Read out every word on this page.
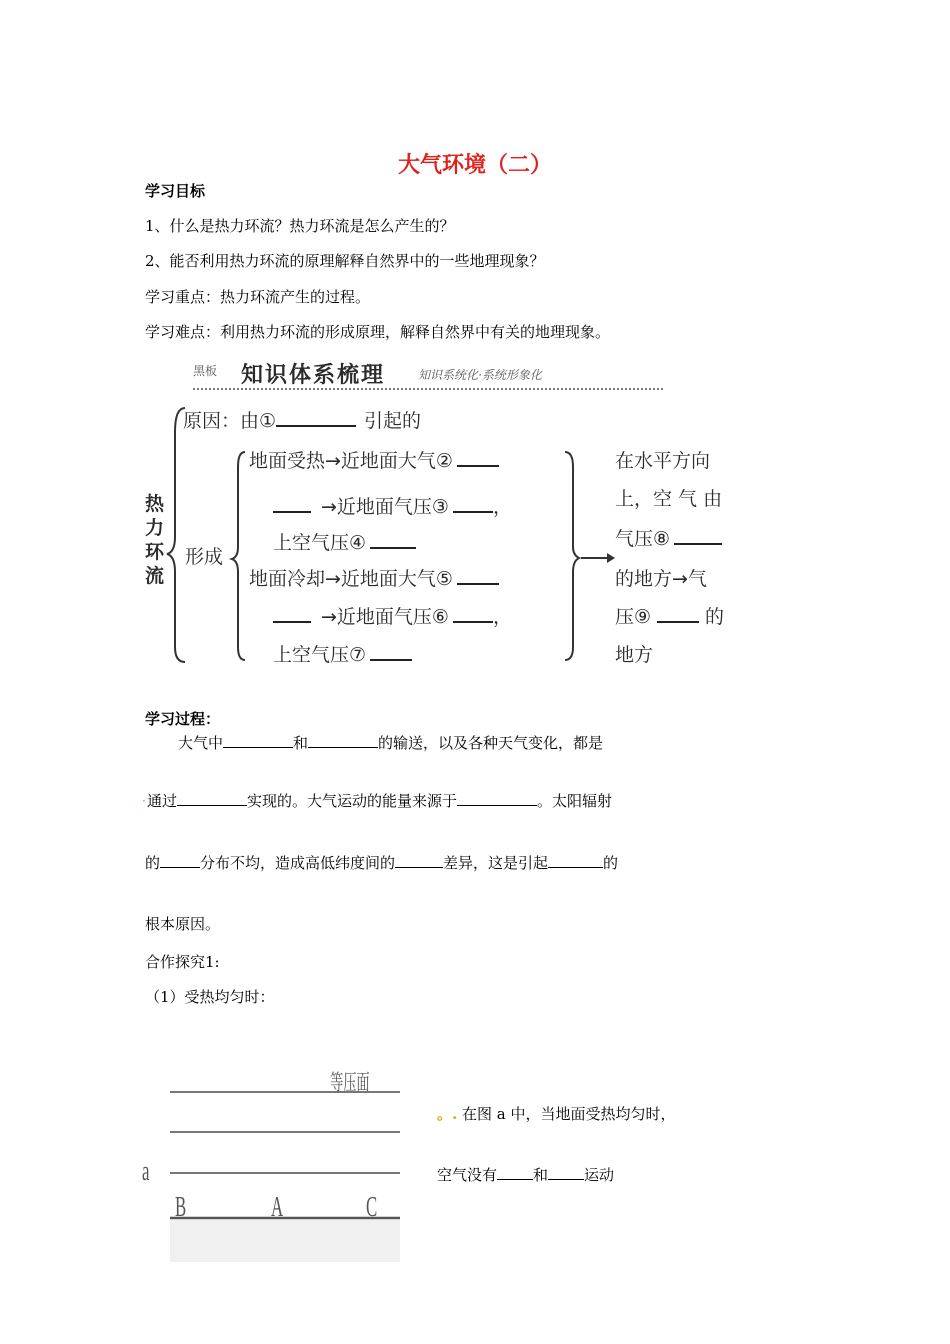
大气环境（二）
学习目标
1、什么是热力环流？热力环流是怎么产生的？
2、能否利用热力环流的原理解释自然界中的一些地理现象？
学习重点：热力环流产生的过程。
学习难点：利用热力环流的形成原理，解释自然界中有关的地理现象。
黑板 知识体系梳理	知识系统化·系统形象化
热力环流
原因：由①	引起的
形成
地面受热→近地面大气②
→近地面气压③ ，
上空气压④
地面冷却→近地面大气⑤
→近地面气压⑥ ，
上空气压⑦
在水平方向
上，空 气 由
气压⑧
的地方→气
压⑨	的
地方
学习过程：
大气中	和	的输送，以及各种天气变化，都是
· 通过	实现的。大气运动的能量来源于	。太阳辐射
的	分布不均，造成高低纬度间的	差异，这是引起	的
根本原因。
合作探究1:
（1）受热均匀时：
a
等压面
B	A	C
。. 在图 a 中，当地面受热均匀时，
空气没有 和 运动
